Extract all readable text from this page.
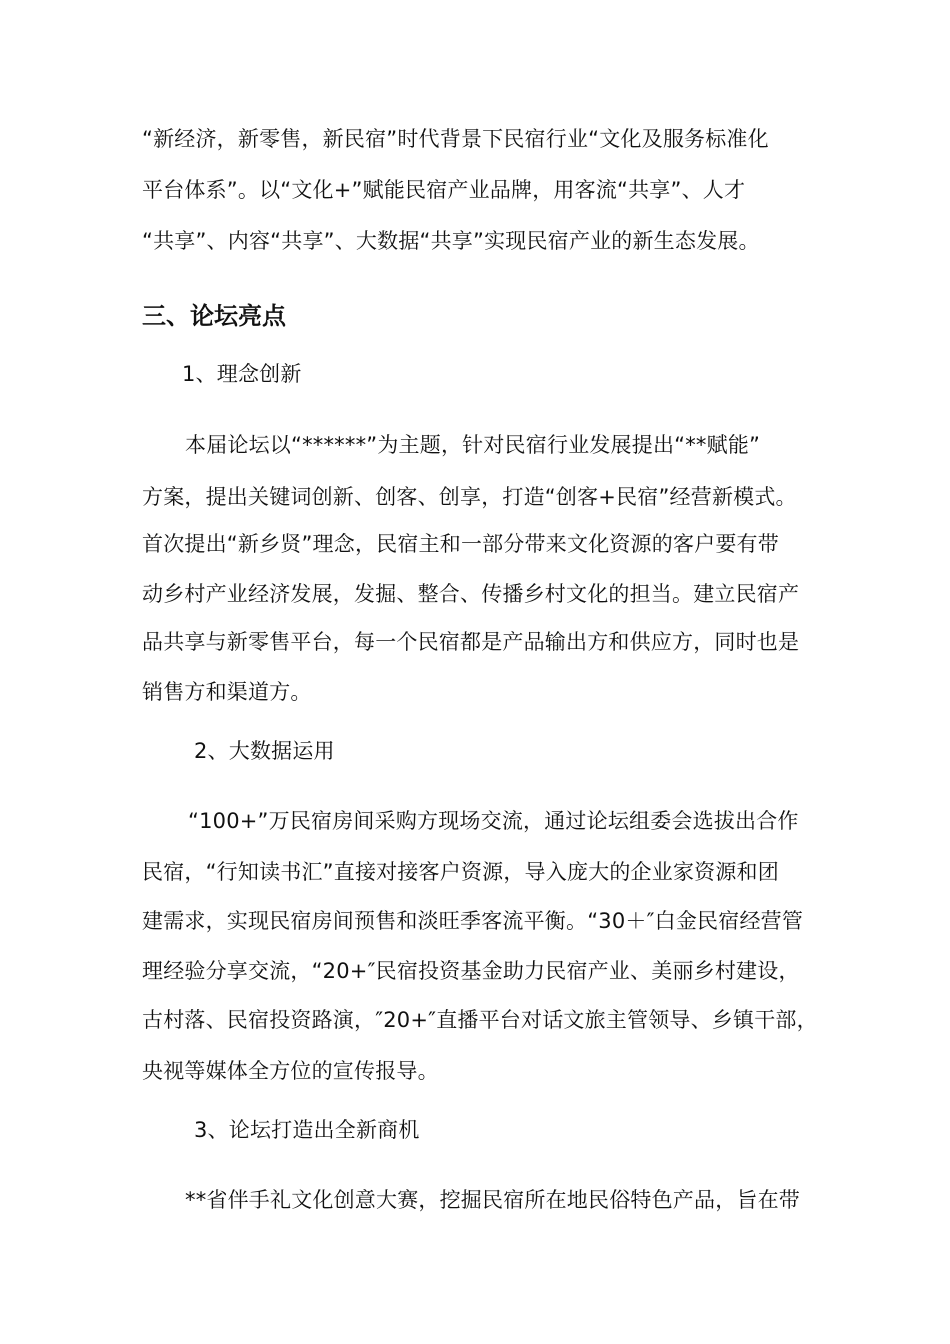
“新经济，新零售，新民宿”时代背景下民宿行业“文化及服务标准化
平台体系”。以“文化+”赋能民宿产业品牌，用客流“共享”、人才
“共享”、内容“共享”、大数据“共享”实现民宿产业的新生态发展。
三、论坛亮点
1、理念创新
本届论坛以“******”为主题，针对民宿行业发展提出“**赋能”
方案，提出关键词创新、创客、创享，打造“创客+民宿”经营新模式。
首次提出“新乡贤”理念，民宿主和一部分带来文化资源的客户要有带
动乡村产业经济发展，发掘、整合、传播乡村文化的担当。建立民宿产
品共享与新零售平台，每一个民宿都是产品输出方和供应方，同时也是
销售方和渠道方。
2、大数据运用
“100+”万民宿房间采购方现场交流，通过论坛组委会选拔出合作
民宿，“行知读书汇”直接对接客户资源，导入庞大的企业家资源和团
建需求，实现民宿房间预售和淡旺季客流平衡。“30＋″白金民宿经营管
理经验分享交流，“20+″民宿投资基金助力民宿产业、美丽乡村建设，
古村落、民宿投资路演，″20+″直播平台对话文旅主管领导、乡镇干部，
央视等媒体全方位的宣传报导。
3、论坛打造出全新商机
**省伴手礼文化创意大赛，挖掘民宿所在地民俗特色产品，旨在带
